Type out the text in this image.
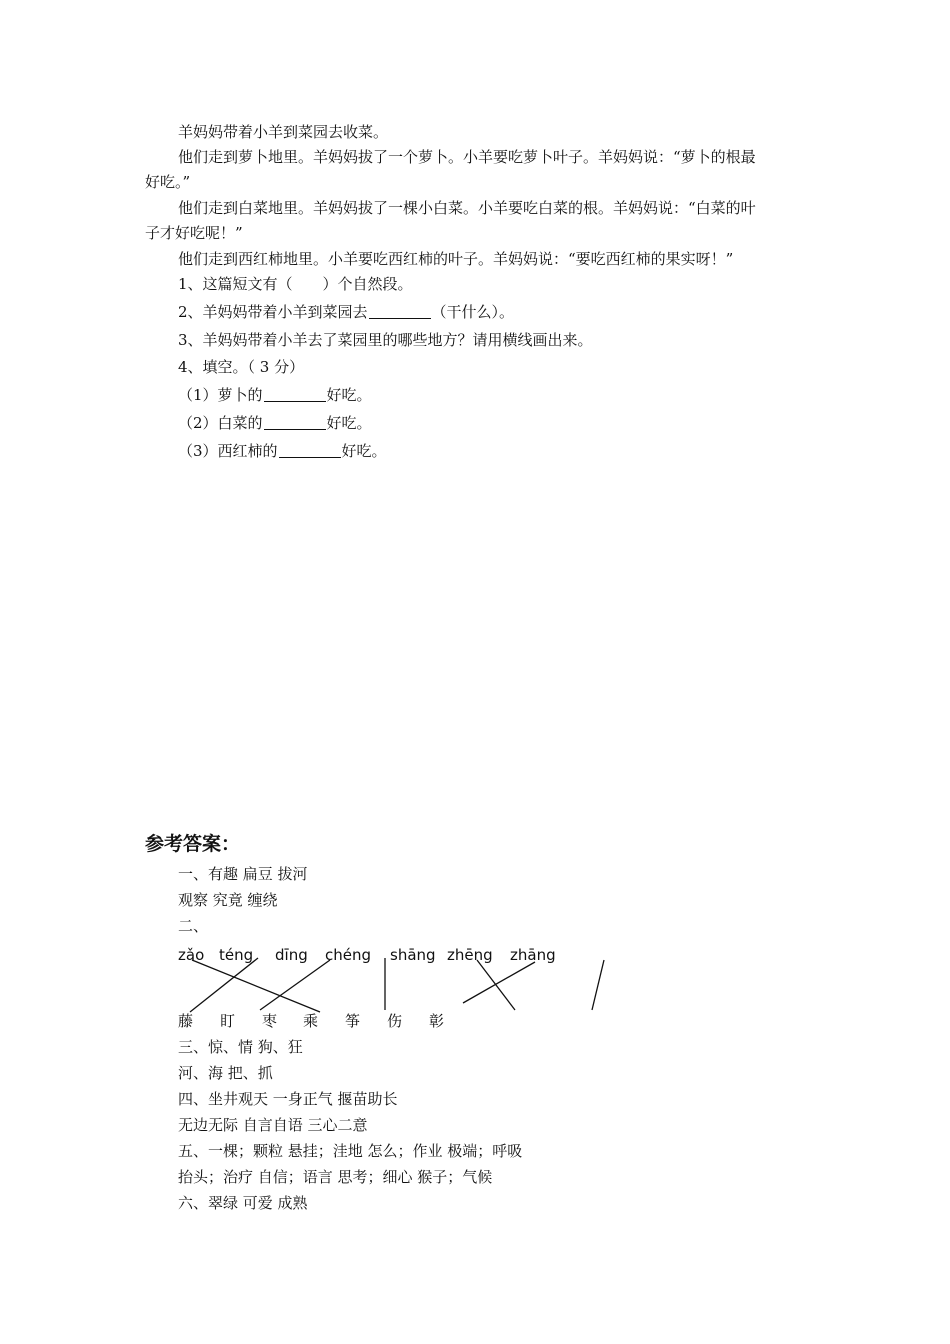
羊妈妈带着小羊到菜园去收菜。
他们走到萝卜地里。羊妈妈拔了一个萝卜。小羊要吃萝卜叶子。羊妈妈说：“萝卜的根最
好吃。”
他们走到白菜地里。羊妈妈拔了一棵小白菜。小羊要吃白菜的根。羊妈妈说：“白菜的叶
子才好吃呢！”
他们走到西红柿地里。小羊要吃西红柿的叶子。羊妈妈说：“要吃西红柿的果实呀！”
1、这篇短文有（　　）个自然段。
2、羊妈妈带着小羊到菜园去	（干什么）。
3、羊妈妈带着小羊去了菜园里的哪些地方？请用横线画出来。
4、填空。（ 3 分）
（1）萝卜的	好吃。
（2）白菜的	好吃。
（3）西红柿的	好吃。
参考答案：
一、有趣 扁豆 拔河
观察 究竟 缠绕
二、
zǎo téng dīng chéng shāng zhēng zhāng
藤 盯 枣 乘 筝 伤 彰
三、惊、情 狗、狂
河、海 把、抓
四、坐井观天 一身正气 揠苗助长
无边无际 自言自语 三心二意
五、一棵；颗粒 悬挂；洼地 怎么；作业 极端；呼吸
抬头；治疗 自信；语言 思考；细心 猴子；气候
六、翠绿 可爱 成熟
